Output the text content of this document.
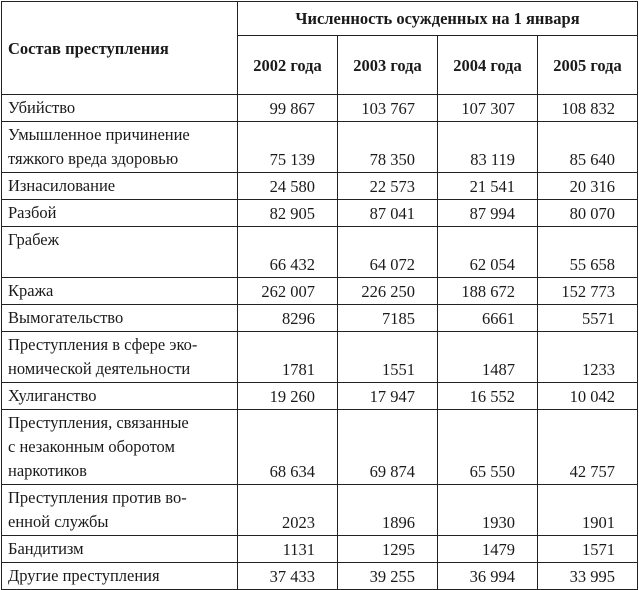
Состав преступления	Численность осужденных на 1 января			
	2002 года	2003 года	2004 года	2005 года

Убийство	99 867	103 767	107 307	108 832

Умышленное причинение
тяжкого вреда здоровью	75 139	78 350	83 119	85 640

Изнасилование	24 580	22 573	21 541	20 316

Разбой	82 905	87 041	87 994	80 070

Грабеж	66 432	64 072	62 054	55 658

Кража	262 007	226 250	188 672	152 773

Вымогательство	8296	7185	6661	5571

Преступления в сфере эко-
номической деятельности	1781	1551	1487	1233

Хулиганство	19 260	17 947	16 552	10 042

Преступления, связанные
с незаконным оборотом
наркотиков	68 634	69 874	65 550	42 757

Преступления против во-
енной службы	2023	1896	1930	1901

Бандитизм	1131	1295	1479	1571

Другие преступления	37 433	39 255	36 994	33 995
